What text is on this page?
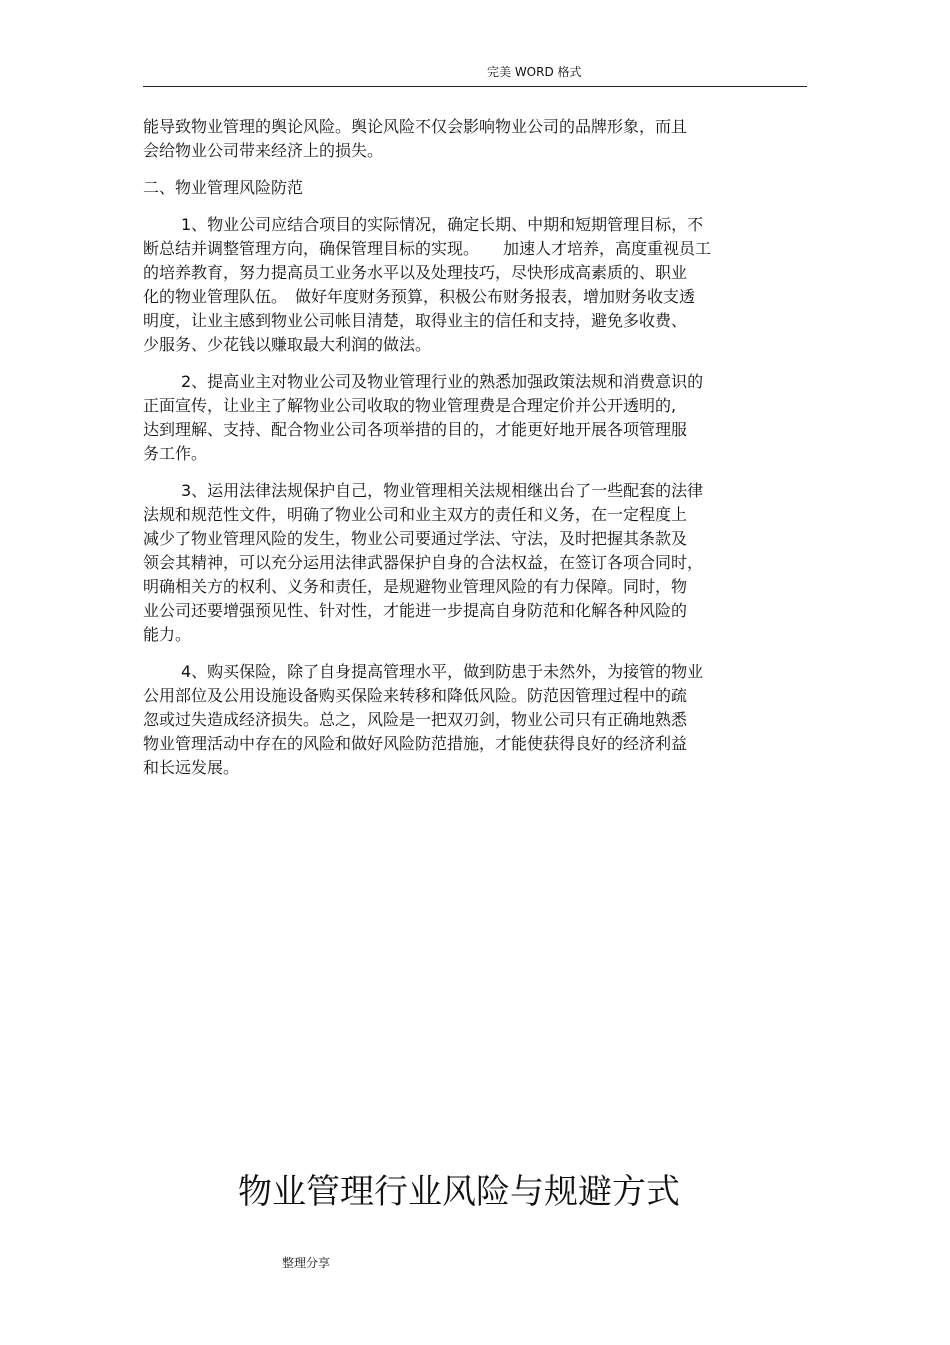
完美 WORD 格式

能导致物业管理的舆论风险。舆论风险不仅会影响物业公司的品牌形象，而且
会给物业公司带来经济上的损失。

二、物业管理风险防范

1、物业公司应结合项目的实际情况，确定长期、中期和短期管理目标，不
断总结并调整管理方向，确保管理目标的实现。　　加速人才培养，高度重视员工
的培养教育，努力提高员工业务水平以及处理技巧，尽快形成高素质的、职业
化的物业管理队伍。　做好年度财务预算，积极公布财务报表，增加财务收支透
明度，让业主感到物业公司帐目清楚，取得业主的信任和支持，避免多收费、
少服务、少花钱以赚取最大利润的做法。

2、提高业主对物业公司及物业管理行业的熟悉加强政策法规和消费意识的
正面宣传，让业主了解物业公司收取的物业管理费是合理定价并公开透明的,
达到理解、支持、配合物业公司各项举措的目的，才能更好地开展各项管理服
务工作。

3、运用法律法规保护自己，物业管理相关法规相继出台了一些配套的法律
法规和规范性文件，明确了物业公司和业主双方的责任和义务，在一定程度上
减少了物业管理风险的发生，物业公司要通过学法、守法，及时把握其条款及
领会其精神，可以充分运用法律武器保护自身的合法权益，在签订各项合同时，
明确相关方的权利、义务和责任，是规避物业管理风险的有力保障。同时，物
业公司还要增强预见性、针对性，才能进一步提高自身防范和化解各种风险的
能力。

4、购买保险，除了自身提高管理水平，做到防患于未然外，为接管的物业
公用部位及公用设施设备购买保险来转移和降低风险。防范因管理过程中的疏
忽或过失造成经济损失。总之，风险是一把双刃剑，物业公司只有正确地熟悉
物业管理活动中存在的风险和做好风险防范措施，才能使获得良好的经济利益
和长远发展。

物业管理行业风险与规避方式
整理分享
